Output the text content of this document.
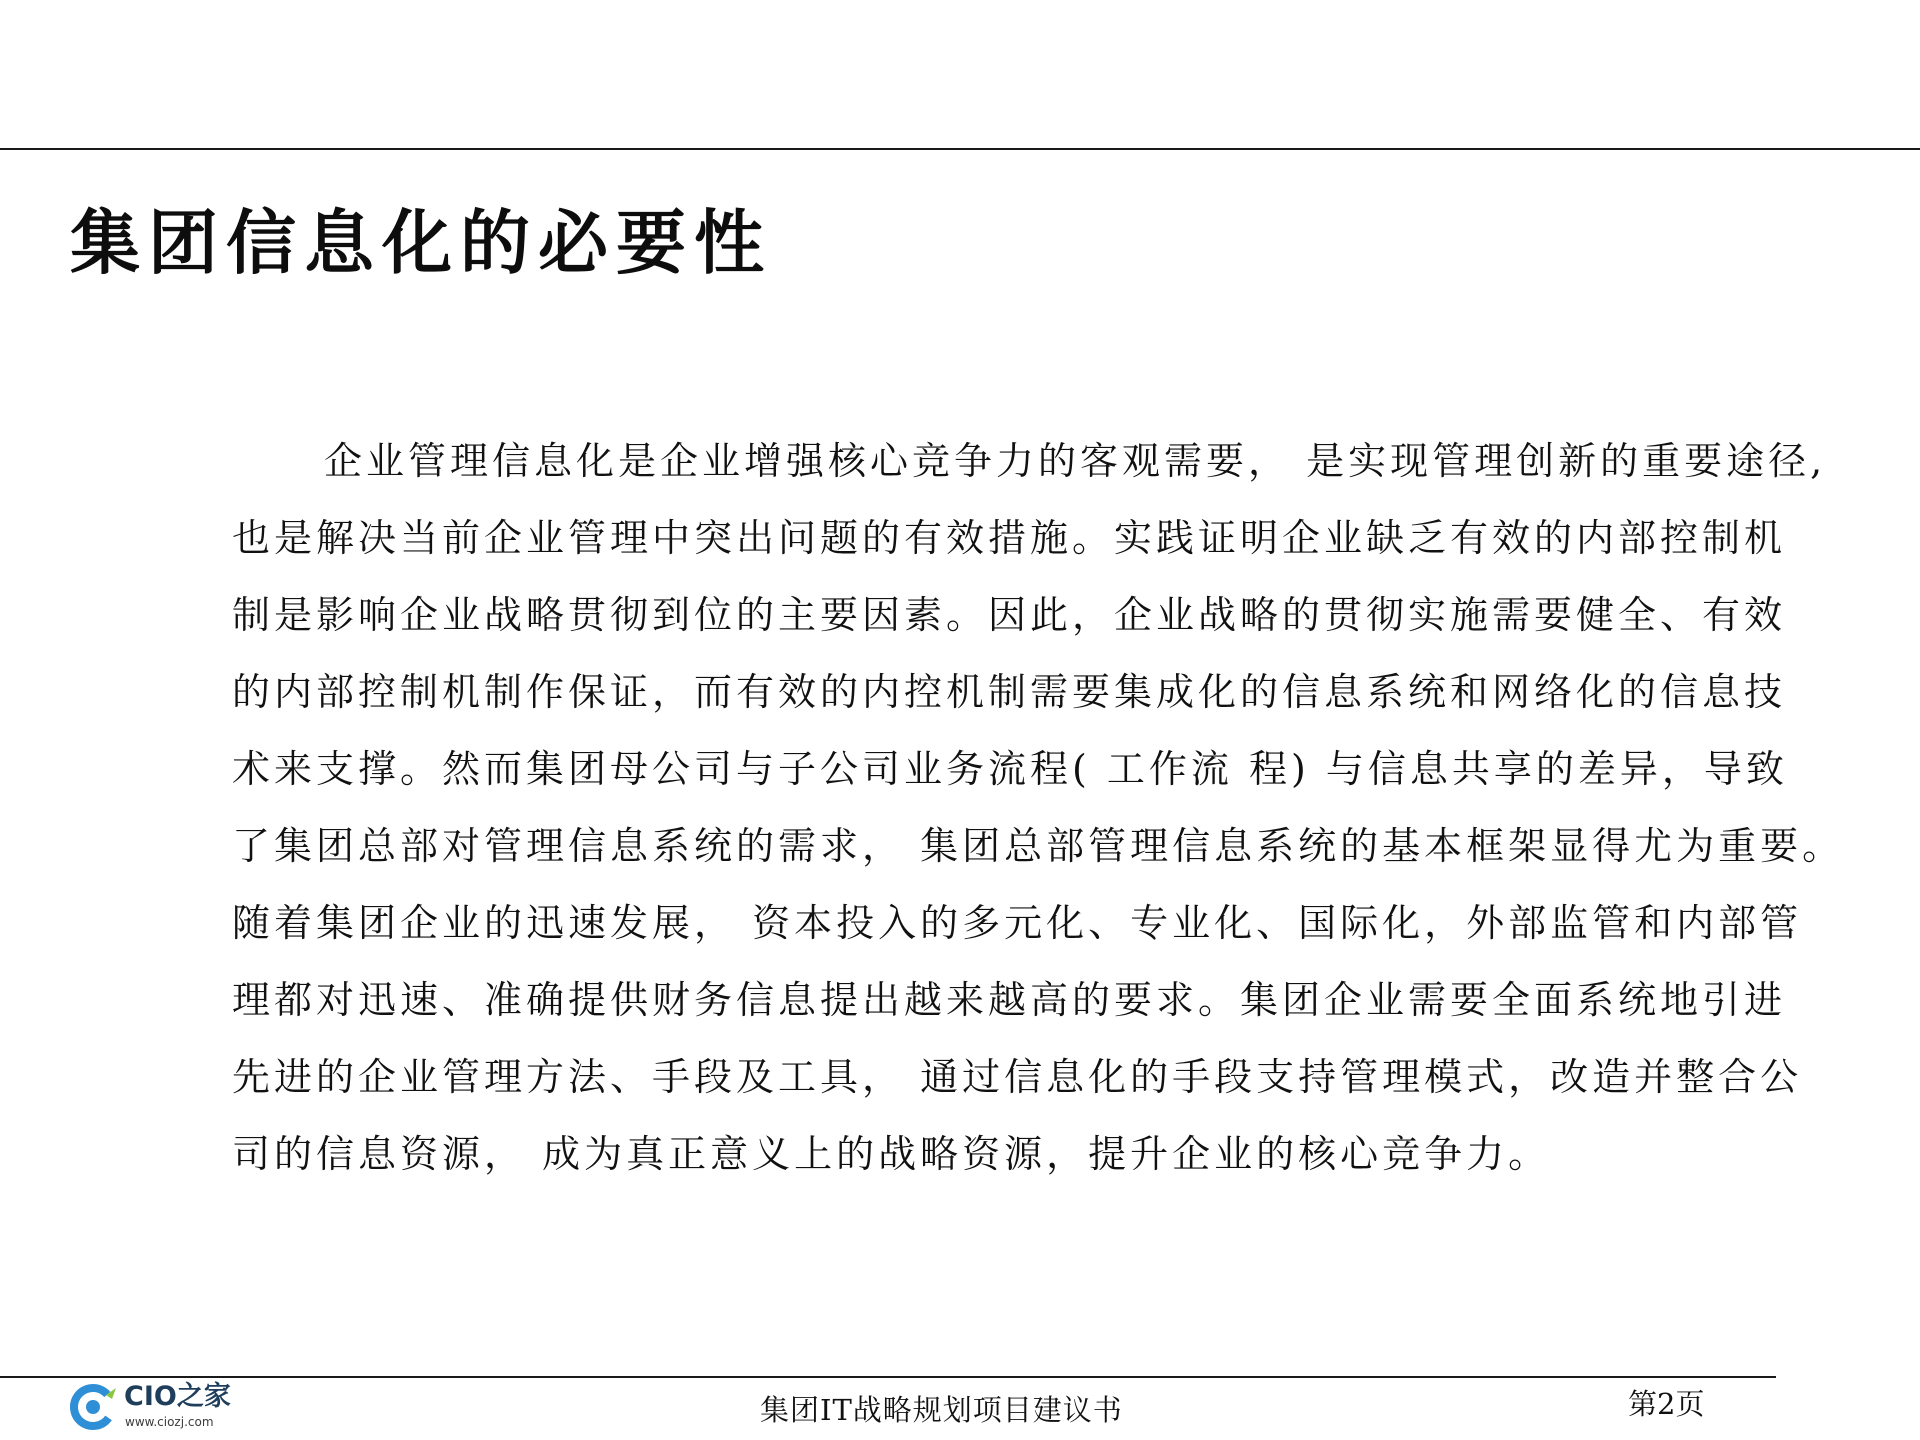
集团信息化的必要性
企业管理信息化是企业增强核心竞争力的客观需要， 是实现管理创新的重要途径,
也是解决当前企业管理中突出问题的有效措施。实践证明企业缺乏有效的内部控制机
制是影响企业战略贯彻到位的主要因素。因此，企业战略的贯彻实施需要健全、有效
的内部控制机制作保证，而有效的内控机制需要集成化的信息系统和网络化的信息技
术来支撑。然而集团母公司与子公司业务流程( 工作流 程) 与信息共享的差异，导致
了集团总部对管理信息系统的需求， 集团总部管理信息系统的基本框架显得尤为重要。
随着集团企业的迅速发展， 资本投入的多元化、专业化、国际化，外部监管和内部管
理都对迅速、准确提供财务信息提出越来越高的要求。集团企业需要全面系统地引进
先进的企业管理方法、手段及工具， 通过信息化的手段支持管理模式，改造并整合公
司的信息资源， 成为真正意义上的战略资源，提升企业的核心竞争力。
CIO之家
www.ciozj.com	集团IT战略规划项目建议书	第2页
